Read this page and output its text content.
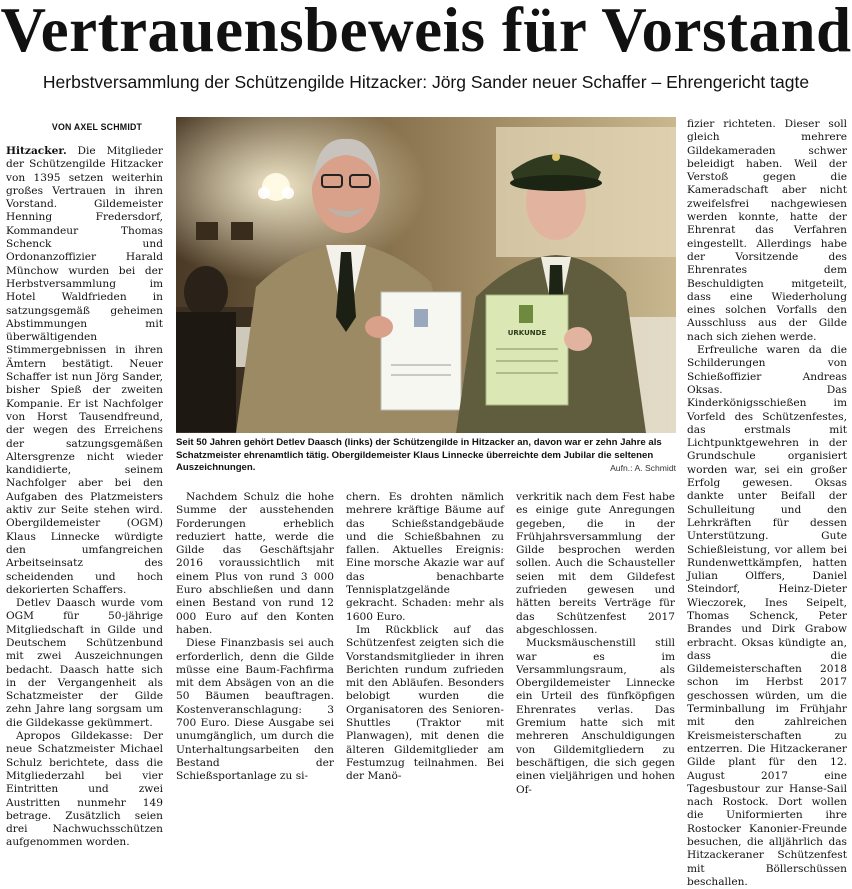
Vertrauensbeweis für Vorstand
Herbstversammlung der Schützengilde Hitzacker: Jörg Sander neuer Schaffer – Ehrengericht tagte
VON AXEL SCHMIDT

Hitzacker. Die Mitglieder der Schützengilde Hitzacker von 1395 setzen weiterhin großes Vertrauen in ihren Vorstand. Gildemeister Henning Fredersdorf, Kommandeur Thomas Schenck und Ordonanzoffizier Harald Münchow wurden bei der Herbstversammlung im Hotel Waldfrieden in satzungsgemäß geheimen Abstimmungen mit überwältigenden Stimmergebnissen in ihren Ämtern bestätigt. Neuer Schaffer ist nun Jörg Sander, bisher Spieß der zweiten Kompanie. Er ist Nachfolger von Horst Tausendfreund, der wegen des Erreichens der satzungsgemäßen Altersgrenze nicht wieder kandidierte, seinem Nachfolger aber bei den Aufgaben des Platzmeisters aktiv zur Seite stehen wird. Obergildemeister (OGM) Klaus Linnecke würdigte den umfangreichen Arbeitseinsatz des scheidenden und hoch dekorierten Schaffers.

Detlev Daasch wurde vom OGM für 50-jährige Mitgliedschaft in Gilde und Deutschem Schützenbund mit zwei Auszeichnungen bedacht. Daasch hatte sich in der Vergangenheit als Schatzmeister der Gilde zehn Jahre lang sorgsam um die Gildekasse gekümmert.

Apropos Gildekasse: Der neue Schatzmeister Michael Schulz berichtete, dass die Mitgliederzahl bei vier Eintritten und zwei Austritten nunmehr 149 betrage. Zusätzlich seien drei Nachwuchsschützen aufgenommen worden.

URKUNDE
Seit 50 Jahren gehört Detlev Daasch (links) der Schützengilde in Hitzacker an, davon war er zehn Jahre als Schatzmeister ehrenamtlich tätig. Obergildemeister Klaus Linnecke überreichte dem Jubilar die seltenen Auszeichnungen.	Aufn.: A. Schmidt

Nachdem Schulz die hohe Summe der ausstehenden Forderungen erheblich reduziert hatte, werde die Gilde das Geschäftsjahr 2016 voraussichtlich mit einem Plus von rund 3 000 Euro abschließen und dann einen Bestand von rund 12 000 Euro auf den Konten haben.

Diese Finanzbasis sei auch erforderlich, denn die Gilde müsse eine Baum-Fachfirma mit dem Absägen von an die 50 Bäumen beauftragen. Kostenveranschlagung: 3 700 Euro. Diese Ausgabe sei unumgänglich, um durch die Unterhaltungsarbeiten den Bestand der Schießsportanlage zu si-

chern. Es drohten nämlich mehrere kräftige Bäume auf das Schießstandgebäude und die Schießbahnen zu fallen. Aktuelles Ereignis: Eine morsche Akazie war auf das benachbarte Tennisplatzgelände gekracht. Schaden: mehr als 1600 Euro.

Im Rückblick auf das Schützenfest zeigten sich die Vorstandsmitglieder in ihren Berichten rundum zufrieden mit den Abläufen. Besonders belobigt wurden die Organisatoren des Senioren-Shuttles (Traktor mit Planwagen), mit denen die älteren Gildemitglieder am Festumzug teilnahmen. Bei der Manö-

verkritik nach dem Fest habe es einige gute Anregungen gegeben, die in der Frühjahrsversammlung der Gilde besprochen werden sollen. Auch die Schausteller seien mit dem Gildefest zufrieden gewesen und hätten bereits Verträge für das Schützenfest 2017 abgeschlossen.

Mucksmäuschenstill still war es im Versammlungsraum, als Obergildemeister Linnecke ein Urteil des fünfköpfigen Ehrenrates verlas. Das Gremium hatte sich mit mehreren Anschuldigungen von Gildemitgliedern zu beschäftigen, die sich gegen einen vieljährigen und hohen Of-

fizier richteten. Dieser soll gleich mehrere Gildekameraden schwer beleidigt haben. Weil der Verstoß gegen die Kameradschaft aber nicht zweifelsfrei nachgewiesen werden konnte, hatte der Ehrenrat das Verfahren eingestellt. Allerdings habe der Vorsitzende des Ehrenrates dem Beschuldigten mitgeteilt, dass eine Wiederholung eines solchen Vorfalls den Ausschluss aus der Gilde nach sich ziehen werde.

Erfreuliche waren da die Schilderungen von Schießoffizier Andreas Oksas. Das Kinderkönigsschießen im Vorfeld des Schützenfestes, das erstmals mit Lichtpunktgewehren in der Grundschule organisiert worden war, sei ein großer Erfolg gewesen. Oksas dankte unter Beifall der Schulleitung und den Lehrkräften für dessen Unterstützung. Gute Schießleistung, vor allem bei Rundenwettkämpfen, hatten Julian Olffers, Daniel Steindorf, Heinz-Dieter Wieczorek, Ines Seipelt, Thomas Schenck, Peter Brandes und Dirk Grabow erbracht. Oksas kündigte an, dass die Gildemeisterschaften 2018 schon im Herbst 2017 geschossen würden, um die Terminballung im Frühjahr mit den zahlreichen Kreismeisterschaften zu entzerren. Die Hitzackeraner Gilde plant für den 12. August 2017 eine Tagesbustour zur Hanse-Sail nach Rostock. Dort wollen die Uniformierten ihre Rostocker Kanonier-Freunde besuchen, die alljährlich das Hitzackeraner Schützenfest mit Böllerschüssen beschallen.
